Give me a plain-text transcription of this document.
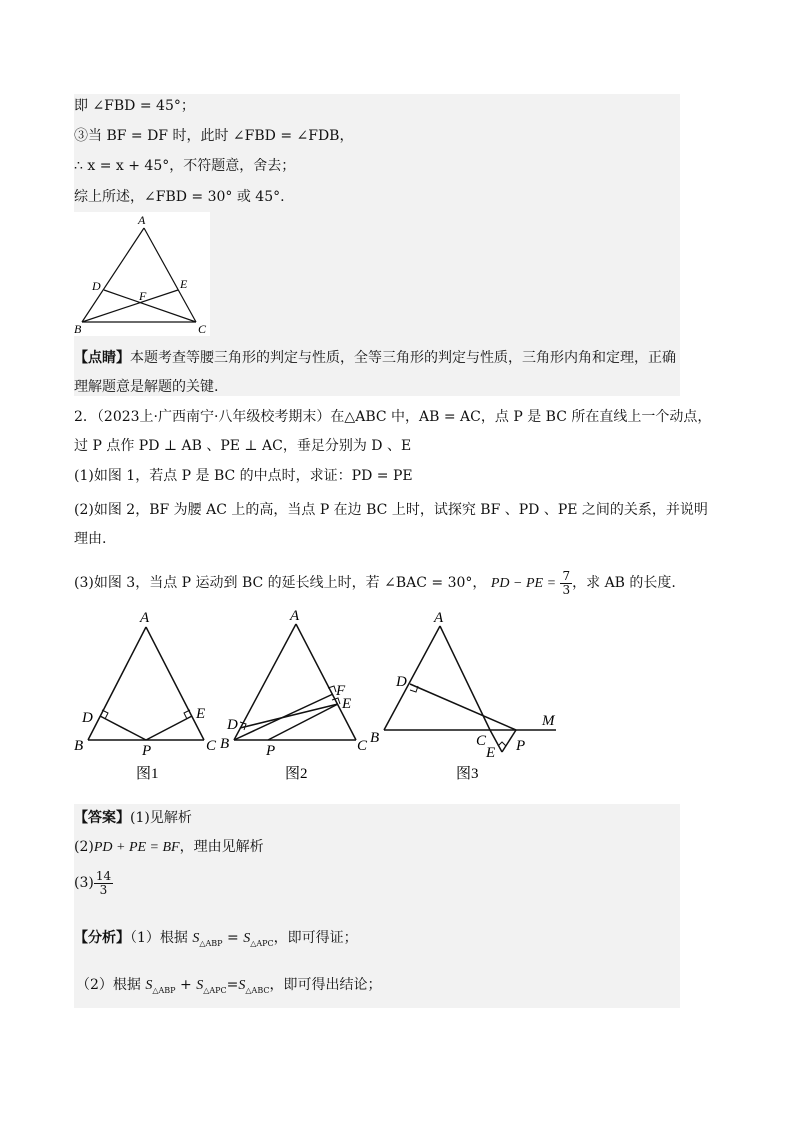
即 ∠FBD = 45°；
③当 BF = DF 时，此时 ∠FBD = ∠FDB，
∴ x = x + 45°，不符题意，舍去；
综上所述，∠FBD = 30° 或 45°.
A
D	E
F
B	C
【点睛】本题考查等腰三角形的判定与性质，全等三角形的判定与性质，三角形内角和定理，正确
理解题意是解题的关键.
2．（2023上·广西南宁·八年级校考期末）在△ABC 中，AB = AC，点 P 是 BC 所在直线上一个动点，
过 P 点作 PD ⊥ AB 、PE ⊥ AC，垂足分别为 D 、E
(1)如图 1，若点 P 是 BC 的中点时，求证：PD = PE
(2)如图 2，BF 为腰 AC 上的高，当点 P 在边 BC 上时，试探究 BF 、PD 、PE 之间的关系，并说明
理由.
(3)如图 3，当点 P 运动到 BC 的延长线上时，若 ∠BAC = 30°， PD − PE = $\frac{7}{3}$ ，求 AB 的长度.
A
D	E
B	P	C
图1
A
F
E
D
B P	C
图2
A
D
B	C
E P
M
图3
【答案】(1)见解析
(2)PD + PE = BF，理由见解析
$(3) \frac{14}{3}$
【分析】（1）根据 $S_{\triangle ABP} = S_{\triangle APC}$，即可得证；
（2）根据 $S_{\triangle ABP} + S_{\triangle APC}=S_{\triangle ABC}$，即可得出结论；
